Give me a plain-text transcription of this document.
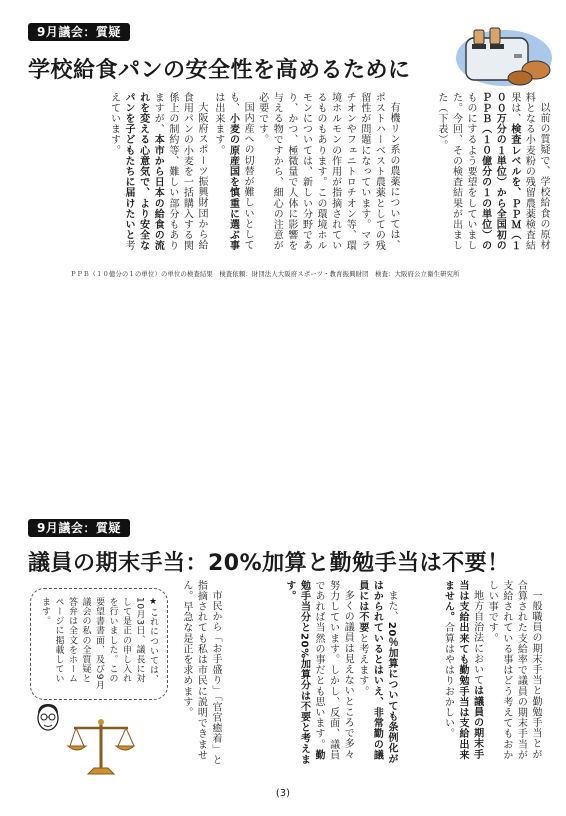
9月議会：質疑
学校給食パンの安全性を高めるために
以前の質疑で、学校給食の原材料となる小麦粉の残留農薬検査結果は、検査レベルを、ＰＰＭ（１００万分の１単位）から全国初のＰＰＢ（１０億分の１の単位）のものにするよう要望をしていました。今回、その検査結果が出ました（下表）。
有機リン系の農薬については、ポストハーベスト農薬としての残留性が問題になっています。マラチオンやフェニトロチオン等、環境ホルモンの作用が指摘されているものもあります。この環境ホルモンについては、新しい分野であり、かつ、極微量で人体に影響を与える物ですから、細心の注意が必要です。
国内産への切替が難しいとしても、小麦の原産国を慎重に選ぶ事は出来ます。
大阪府スポーツ振興財団から給食用パンの小麦を一括購入する関係上の制約等、難しい部分もありますが、本市から日本の給食の流れを変える心意気で、より安全なパンを子どもたちに届けたいと考えています。
ＰＰＢ（１０億分の１の単位）の単位の検査結果　検査依頼：財団法人大阪府スポーツ・教育振興財団　検査：大阪府公立衛生研究所
9月議会：質疑
議員の期末手当：20%加算と勤勉手当は不要！
一般職員の期末手当と勤勉手当とが合算された支給率で議員の期末手当が支給されている事はどう考えてもおかしい事です。
地方自治法においては議員の期末手当は支給出来ても勤勉手当は支給出来ません。合算はやはりおかしい。
また、20％加算についても条例化がはかられているとはいえ、非常勤の議員には不要と考えます。
多くの議員は見えないところで多々努力しています。しかし、反面、議員であれば当然の事だとも思います。勤勉手当分と20%加算分は不要と考えます。
市民から「お手盛り」「官官癒着」と指摘されても私は市民に説明できません。早急な是正を求めます。
★これについては、10月3日、議長に対して是正の申し入れを行いました。この要望書書面、及び9月議会の私の全質疑と答弁は全文をホームページに掲載しています。
(3)
